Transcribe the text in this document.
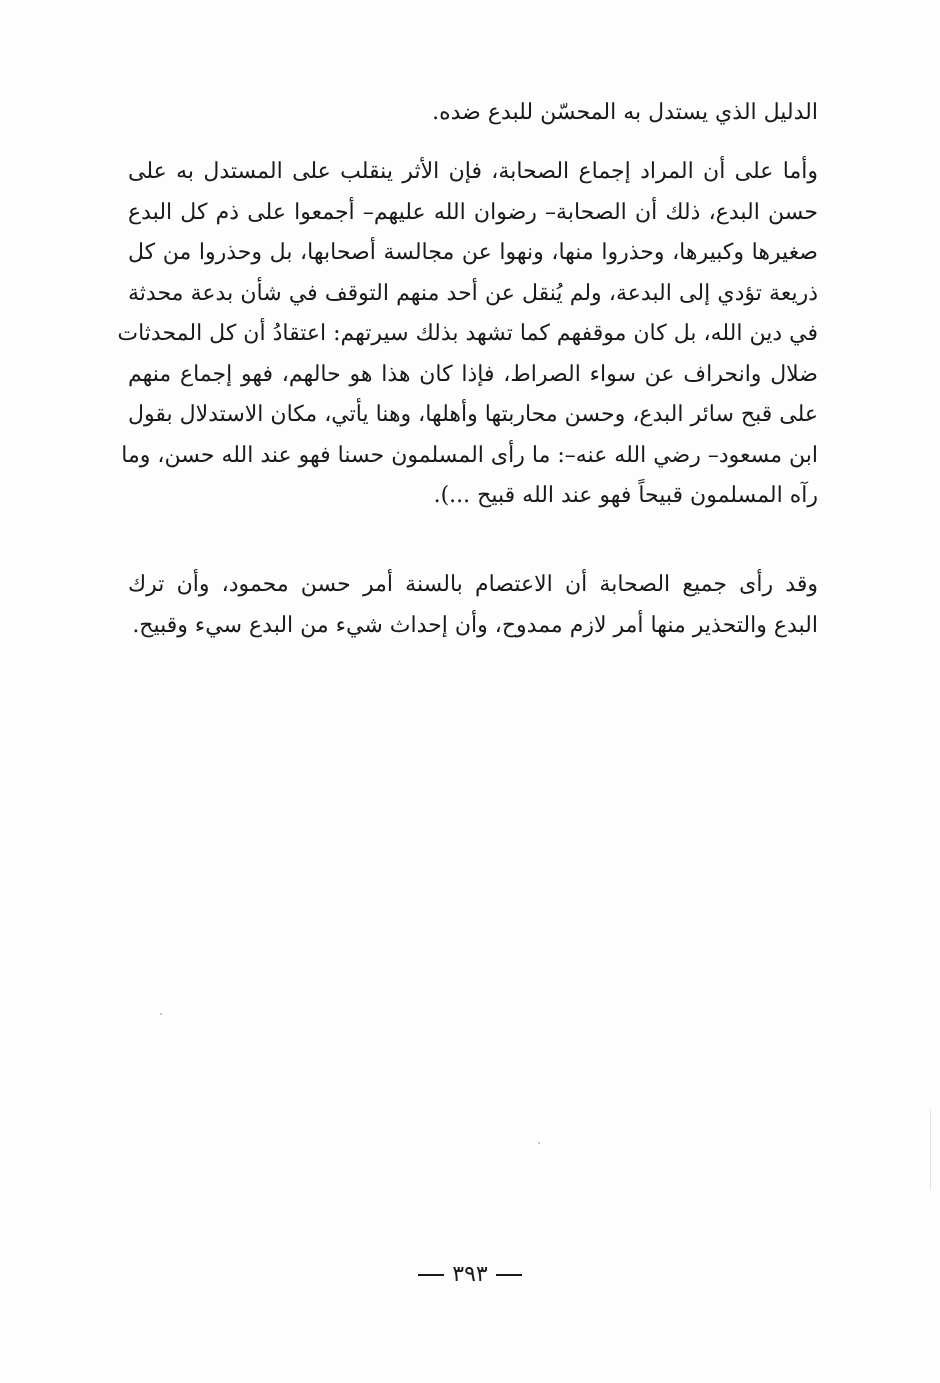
الدليل الذي يستدل به المحسّن للبدع ضده.
وأما على أن المراد إجماع الصحابة، فإن الأثر ينقلب على المستدل به على
حسن البدع، ذلك أن الصحابة– رضوان الله عليهم– أجمعوا على ذم كل البدع
صغيرها وكبيرها، وحذروا منها، ونهوا عن مجالسة أصحابها، بل وحذروا من كل
ذريعة تؤدي إلى البدعة، ولم يُنقل عن أحد منهم التوقف في شأن بدعة محدثة
في دين الله، بل كان موقفهم كما تشهد بذلك سيرتهم: اعتقادُ أن كل المحدثات
ضلال وانحراف عن سواء الصراط، فإذا كان هذا هو حالهم، فهو إجماع منهم
على قبح سائر البدع، وحسن محاربتها وأهلها، وهنا يأتي، مكان الاستدلال بقول
ابن مسعود– رضي الله عنه–: ما رأى المسلمون حسنا فهو عند الله حسن، وما
رآه المسلمون قبيحاً فهو عند الله قبيح ...).
وقد رأى جميع الصحابة أن الاعتصام بالسنة أمر حسن محمود، وأن ترك
البدع والتحذير منها أمر لازم ممدوح، وأن إحداث شيء من البدع سيء وقبيح.
٣٩٣
